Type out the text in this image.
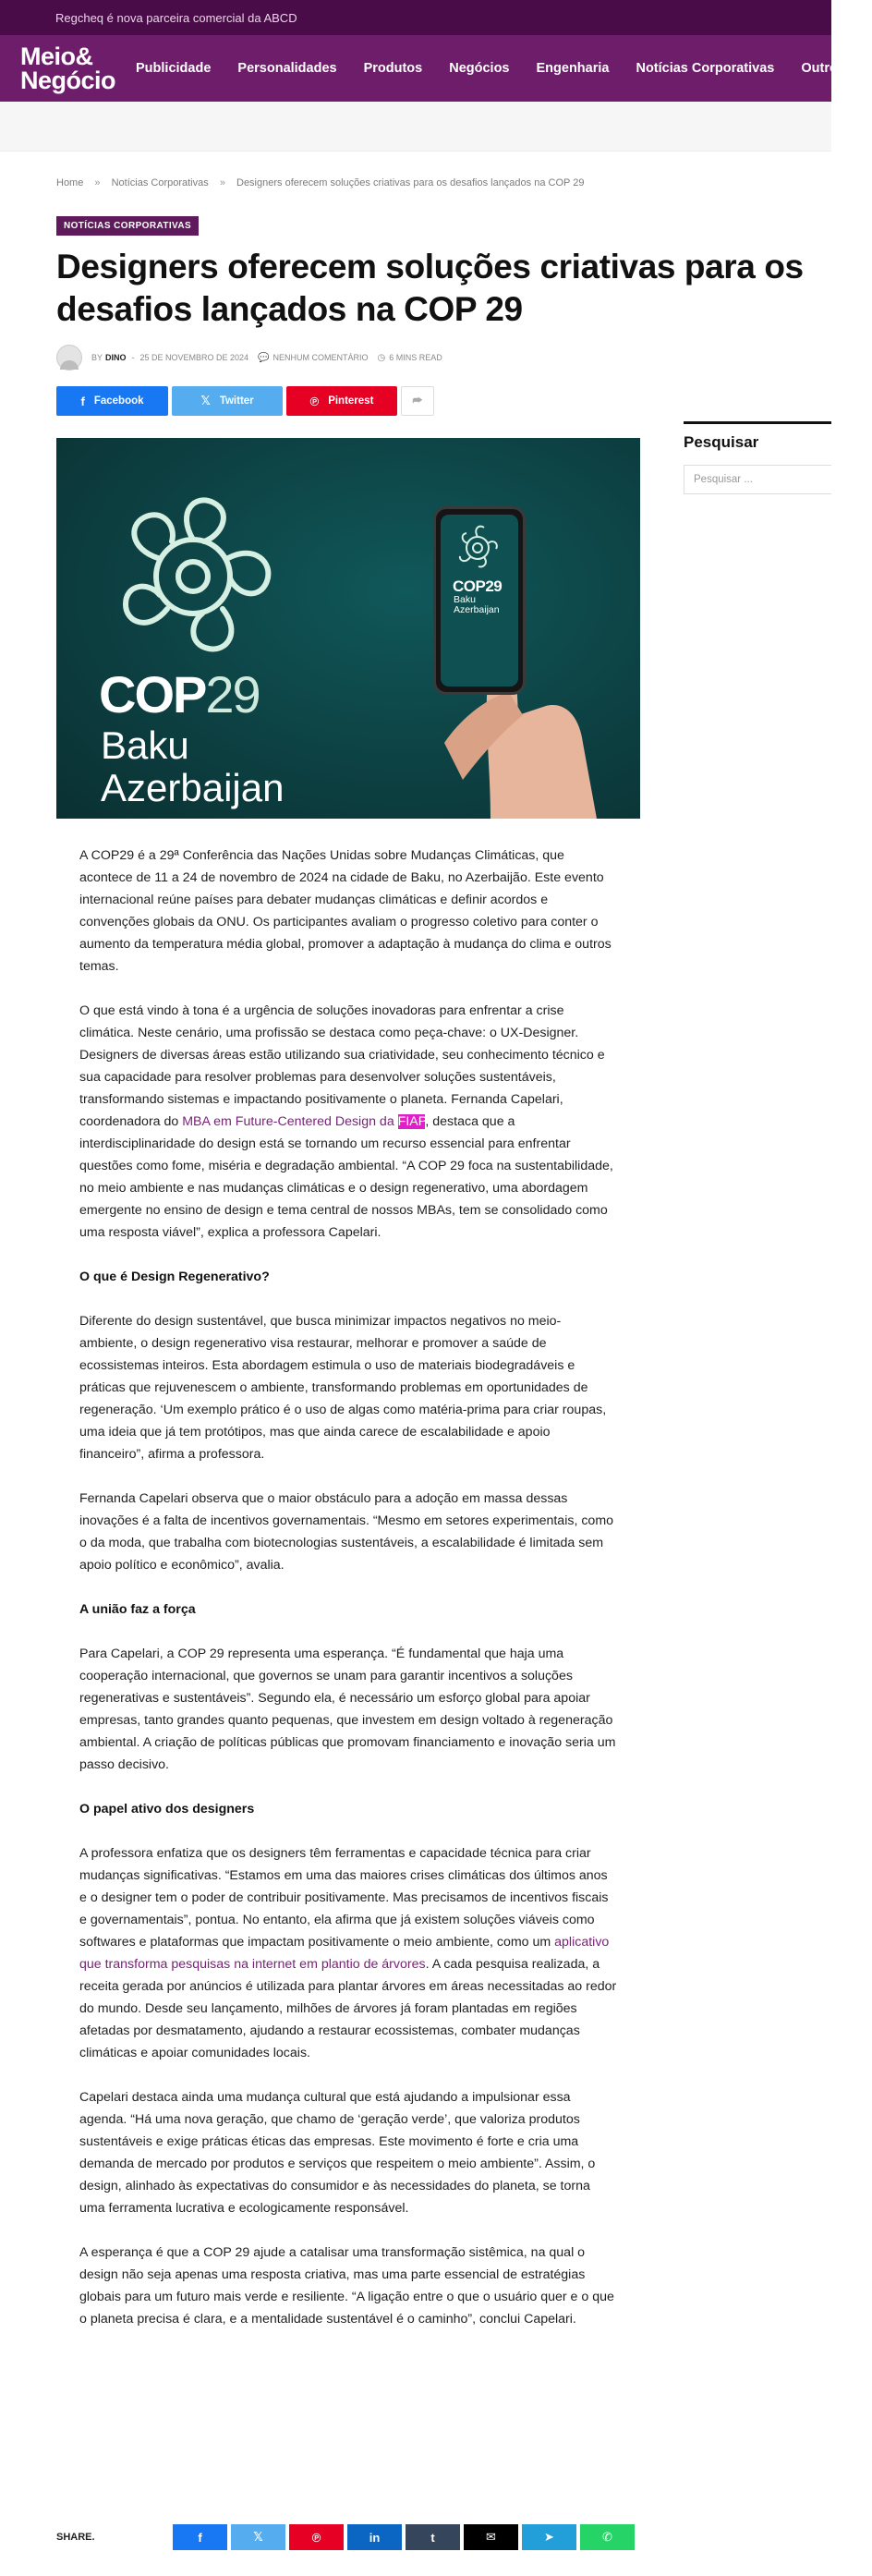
Regcheq é nova parceira comercial da ABCD
Meio&
Negócio Publicidade Personalidades Produtos Negócios Engenharia Notícias Corporativas Outros
Home » Notícias Corporativas » Designers oferecem soluções criativas para os desafios lançados na COP 29
NOTÍCIAS CORPORATIVAS
Designers oferecem soluções criativas para os
desafios lançados na COP 29
BY DINO - 25 DE NOVEMBRO DE 2024 💬 NENHUM COMENTÁRIO ◷ 6 MINS READ
f Facebook	𝕏 Twitter	℗ Pinterest	⮫
Pesquisar
Pesquisar ...
COP29
Baku
Azerbaijan
COP29
Baku
Azerbaijan

A COP29 é a 29ª Conferência das Nações Unidas sobre Mudanças Climáticas, que acontece de 11 a 24 de novembro de 2024 na cidade de Baku, no Azerbaijão. Este evento internacional reúne países para debater mudanças climáticas e definir acordos e convenções globais da ONU. Os participantes avaliam o progresso coletivo para conter o aumento da temperatura média global, promover a adaptação à mudança do clima e outros temas.

O que está vindo à tona é a urgência de soluções inovadoras para enfrentar a crise climática. Neste cenário, uma profissão se destaca como peça-chave: o UX-Designer. Designers de diversas áreas estão utilizando sua criatividade, seu conhecimento técnico e sua capacidade para resolver problemas para desenvolver soluções sustentáveis, transformando sistemas e impactando positivamente o planeta. Fernanda Capelari, coordenadora do MBA em Future-Centered Design da FIAP, destaca que a interdisciplinaridade do design está se tornando um recurso essencial para enfrentar questões como fome, miséria e degradação ambiental. “A COP 29 foca na sustentabilidade, no meio ambiente e nas mudanças climáticas e o design regenerativo, uma abordagem emergente no ensino de design e tema central de nossos MBAs, tem se consolidado como uma resposta viável”, explica a professora Capelari.

O que é Design Regenerativo?

Diferente do design sustentável, que busca minimizar impactos negativos no meio-ambiente, o design regenerativo visa restaurar, melhorar e promover a saúde de ecossistemas inteiros. Esta abordagem estimula o uso de materiais biodegradáveis e práticas que rejuvenescem o ambiente, transformando problemas em oportunidades de regeneração. ‘Um exemplo prático é o uso de algas como matéria-prima para criar roupas, uma ideia que já tem protótipos, mas que ainda carece de escalabilidade e apoio financeiro”, afirma a professora.

Fernanda Capelari observa que o maior obstáculo para a adoção em massa dessas inovações é a falta de incentivos governamentais. “Mesmo em setores experimentais, como o da moda, que trabalha com biotecnologias sustentáveis, a escalabilidade é limitada sem apoio político e econômico”, avalia.

A união faz a força

Para Capelari, a COP 29 representa uma esperança. “É fundamental que haja uma cooperação internacional, que governos se unam para garantir incentivos a soluções regenerativas e sustentáveis”. Segundo ela, é necessário um esforço global para apoiar empresas, tanto grandes quanto pequenas, que investem em design voltado à regeneração ambiental. A criação de políticas públicas que promovam financiamento e inovação seria um passo decisivo.

O papel ativo dos designers

A professora enfatiza que os designers têm ferramentas e capacidade técnica para criar mudanças significativas. “Estamos em uma das maiores crises climáticas dos últimos anos e o designer tem o poder de contribuir positivamente. Mas precisamos de incentivos fiscais e governamentais”, pontua. No entanto, ela afirma que já existem soluções viáveis como softwares e plataformas que impactam positivamente o meio ambiente, como um aplicativo que transforma pesquisas na internet em plantio de árvores. A cada pesquisa realizada, a receita gerada por anúncios é utilizada para plantar árvores em áreas necessitadas ao redor do mundo. Desde seu lançamento, milhões de árvores já foram plantadas em regiões afetadas por desmatamento, ajudando a restaurar ecossistemas, combater mudanças climáticas e apoiar comunidades locais.

Capelari destaca ainda uma mudança cultural que está ajudando a impulsionar essa agenda. “Há uma nova geração, que chamo de ‘geração verde’, que valoriza produtos sustentáveis e exige práticas éticas das empresas. Este movimento é forte e cria uma demanda de mercado por produtos e serviços que respeitem o meio ambiente”. Assim, o design, alinhado às expectativas do consumidor e às necessidades do planeta, se torna uma ferramenta lucrativa e ecologicamente responsável.

A esperança é que a COP 29 ajude a catalisar uma transformação sistêmica, na qual o design não seja apenas uma resposta criativa, mas uma parte essencial de estratégias globais para um futuro mais verde e resiliente. “A ligação entre o que o usuário quer e o que o planeta precisa é clara, e a mentalidade sustentável é o caminho”, conclui Capelari.

SHARE.	f	𝕏	℗	in	t	✉	➤	✆
